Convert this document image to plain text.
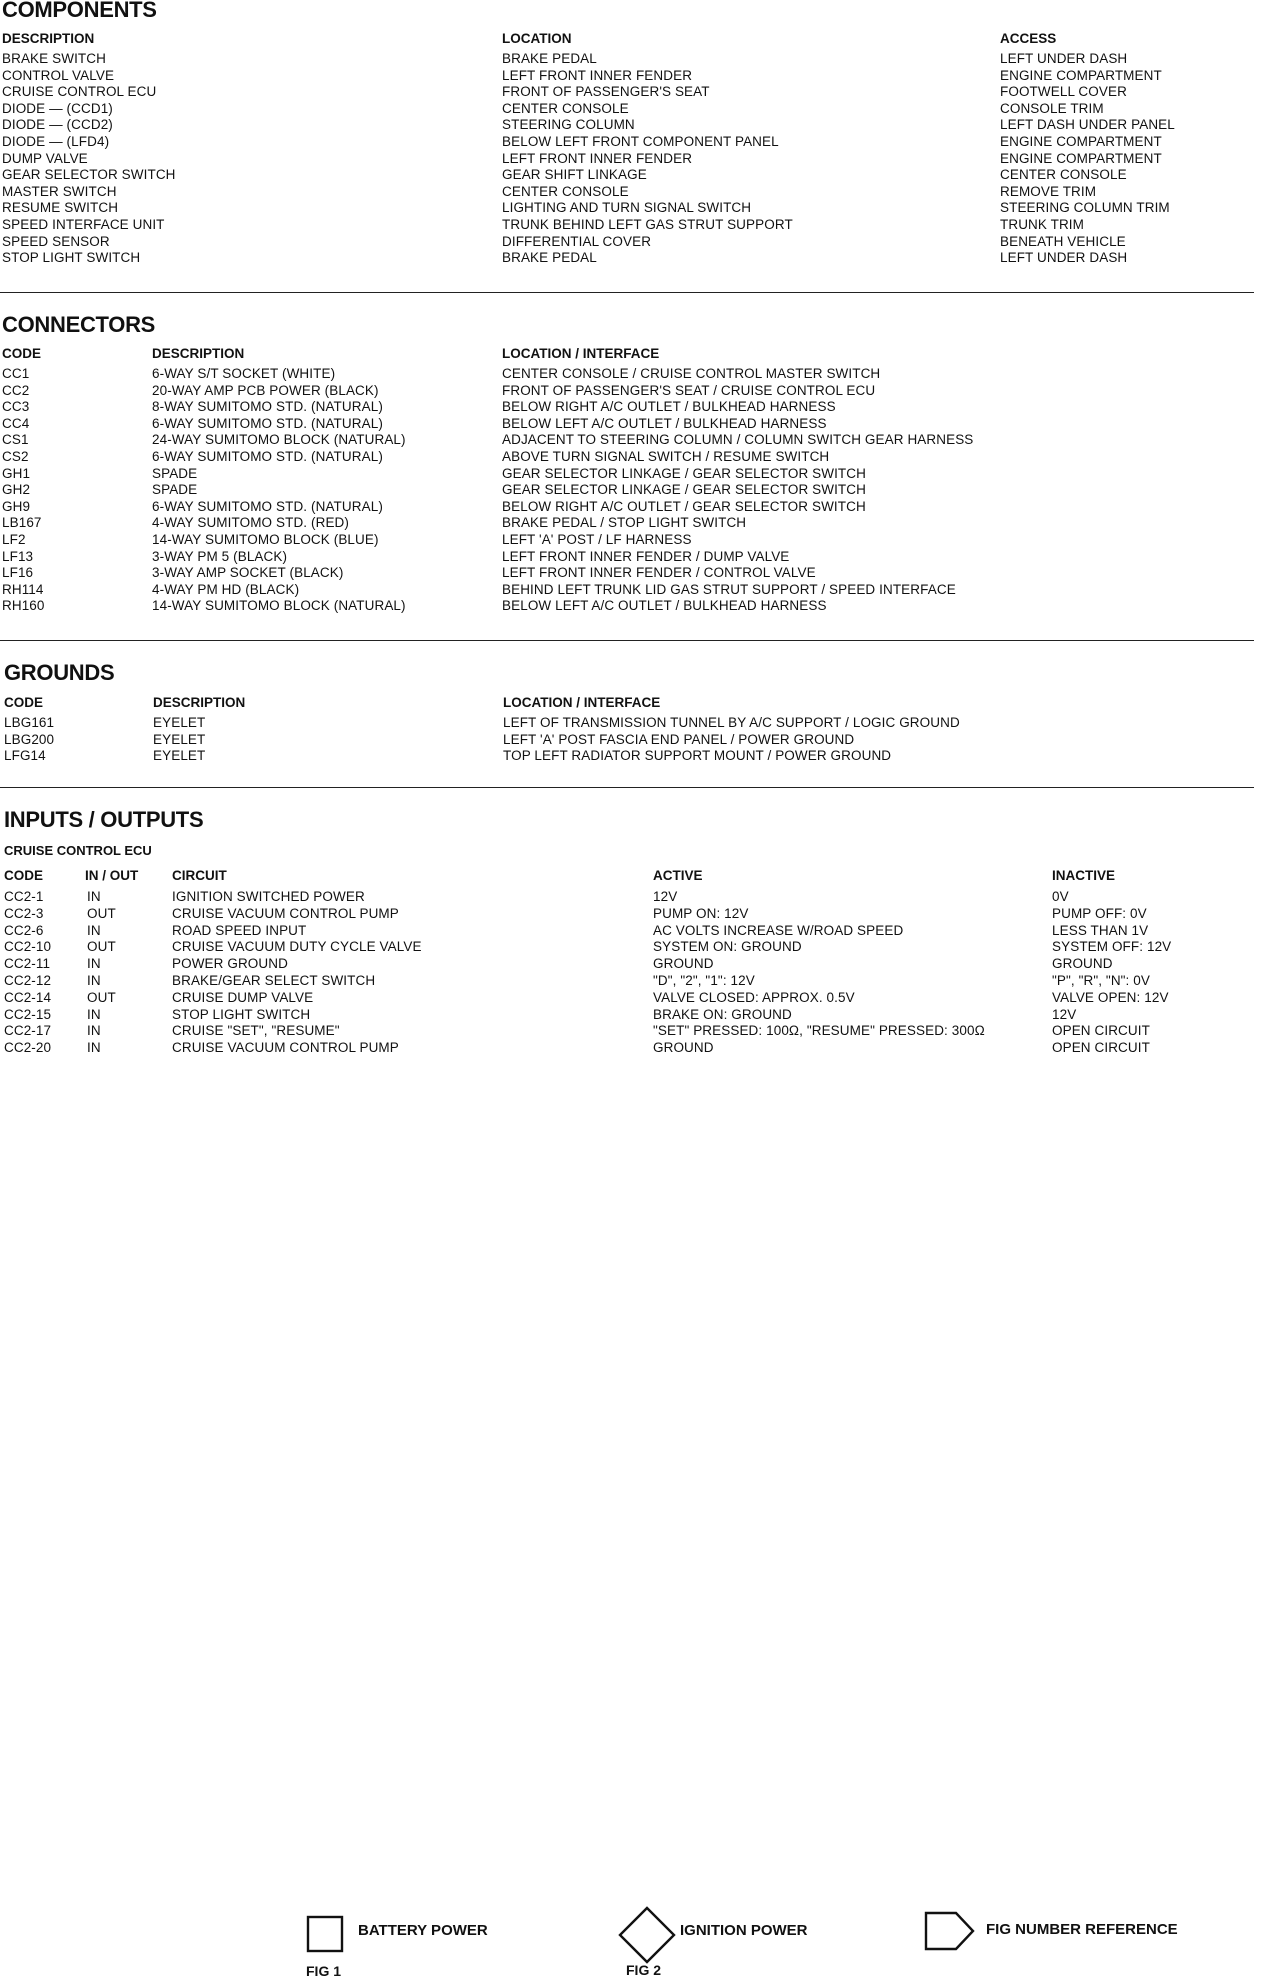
COMPONENTS
DESCRIPTION	LOCATION	ACCESS
BRAKE SWITCH	BRAKE PEDAL	LEFT UNDER DASH
CONTROL VALVE	LEFT FRONT INNER FENDER	ENGINE COMPARTMENT
CRUISE CONTROL ECU	FRONT OF PASSENGER'S SEAT	FOOTWELL COVER
DIODE — (CCD1)	CENTER CONSOLE	CONSOLE TRIM
DIODE — (CCD2)	STEERING COLUMN	LEFT DASH UNDER PANEL
DIODE — (LFD4)	BELOW LEFT FRONT COMPONENT PANEL	ENGINE COMPARTMENT
DUMP VALVE	LEFT FRONT INNER FENDER	ENGINE COMPARTMENT
GEAR SELECTOR SWITCH	GEAR SHIFT LINKAGE	CENTER CONSOLE
MASTER SWITCH	CENTER CONSOLE	REMOVE TRIM
RESUME SWITCH	LIGHTING AND TURN SIGNAL SWITCH	STEERING COLUMN TRIM
SPEED INTERFACE UNIT	TRUNK BEHIND LEFT GAS STRUT SUPPORT	TRUNK TRIM
SPEED SENSOR	DIFFERENTIAL COVER	BENEATH VEHICLE
STOP LIGHT SWITCH	BRAKE PEDAL	LEFT UNDER DASH
CONNECTORS
CODE	DESCRIPTION	LOCATION / INTERFACE
CC1	6-WAY S/T SOCKET (WHITE)	CENTER CONSOLE / CRUISE CONTROL MASTER SWITCH
CC2	20-WAY AMP PCB POWER (BLACK)	FRONT OF PASSENGER'S SEAT / CRUISE CONTROL ECU
CC3	8-WAY SUMITOMO STD. (NATURAL)	BELOW RIGHT A/C OUTLET / BULKHEAD HARNESS
CC4	6-WAY SUMITOMO STD. (NATURAL)	BELOW LEFT A/C OUTLET / BULKHEAD HARNESS
CS1	24-WAY SUMITOMO BLOCK (NATURAL)	ADJACENT TO STEERING COLUMN / COLUMN SWITCH GEAR HARNESS
CS2	6-WAY SUMITOMO STD. (NATURAL)	ABOVE TURN SIGNAL SWITCH / RESUME SWITCH
GH1	SPADE	GEAR SELECTOR LINKAGE / GEAR SELECTOR SWITCH
GH2	SPADE	GEAR SELECTOR LINKAGE / GEAR SELECTOR SWITCH
GH9	6-WAY SUMITOMO STD. (NATURAL)	BELOW RIGHT A/C OUTLET / GEAR SELECTOR SWITCH
LB167	4-WAY SUMITOMO STD. (RED)	BRAKE PEDAL / STOP LIGHT SWITCH
LF2	14-WAY SUMITOMO BLOCK (BLUE)	LEFT 'A' POST / LF HARNESS
LF13	3-WAY PM 5 (BLACK)	LEFT FRONT INNER FENDER / DUMP VALVE
LF16	3-WAY AMP SOCKET (BLACK)	LEFT FRONT INNER FENDER / CONTROL VALVE
RH114	4-WAY PM HD (BLACK)	BEHIND LEFT TRUNK LID GAS STRUT SUPPORT / SPEED INTERFACE
RH160	14-WAY SUMITOMO BLOCK (NATURAL)	BELOW LEFT A/C OUTLET / BULKHEAD HARNESS
GROUNDS
CODE	DESCRIPTION	LOCATION / INTERFACE
LBG161	EYELET	LEFT OF TRANSMISSION TUNNEL BY A/C SUPPORT / LOGIC GROUND
LBG200	EYELET	LEFT 'A' POST FASCIA END PANEL / POWER GROUND
LFG14	EYELET	TOP LEFT RADIATOR SUPPORT MOUNT / POWER GROUND
INPUTS / OUTPUTS
CRUISE CONTROL ECU
CODE	IN / OUT	CIRCUIT	ACTIVE	INACTIVE
CC2-1	IN	IGNITION SWITCHED POWER	12V	0V
CC2-3	OUT	CRUISE VACUUM CONTROL PUMP	PUMP ON: 12V	PUMP OFF: 0V
CC2-6	IN	ROAD SPEED INPUT	AC VOLTS INCREASE W/ROAD SPEED	LESS THAN 1V
CC2-10	OUT	CRUISE VACUUM DUTY CYCLE VALVE	SYSTEM ON: GROUND	SYSTEM OFF: 12V
CC2-11	IN	POWER GROUND	GROUND	GROUND
CC2-12	IN	BRAKE/GEAR SELECT SWITCH	"D", "2", "1": 12V	"P", "R", "N": 0V
CC2-14	OUT	CRUISE DUMP VALVE	VALVE CLOSED: APPROX. 0.5V	VALVE OPEN: 12V
CC2-15	IN	STOP LIGHT SWITCH	BRAKE ON: GROUND	12V
CC2-17	IN	CRUISE "SET", "RESUME"	"SET" PRESSED: 100Ω, "RESUME" PRESSED: 300Ω	OPEN CIRCUIT
CC2-20	IN	CRUISE VACUUM CONTROL PUMP	GROUND	OPEN CIRCUIT
BATTERY POWER
FIG 1
IGNITION POWER
FIG 2
FIG NUMBER REFERENCE
